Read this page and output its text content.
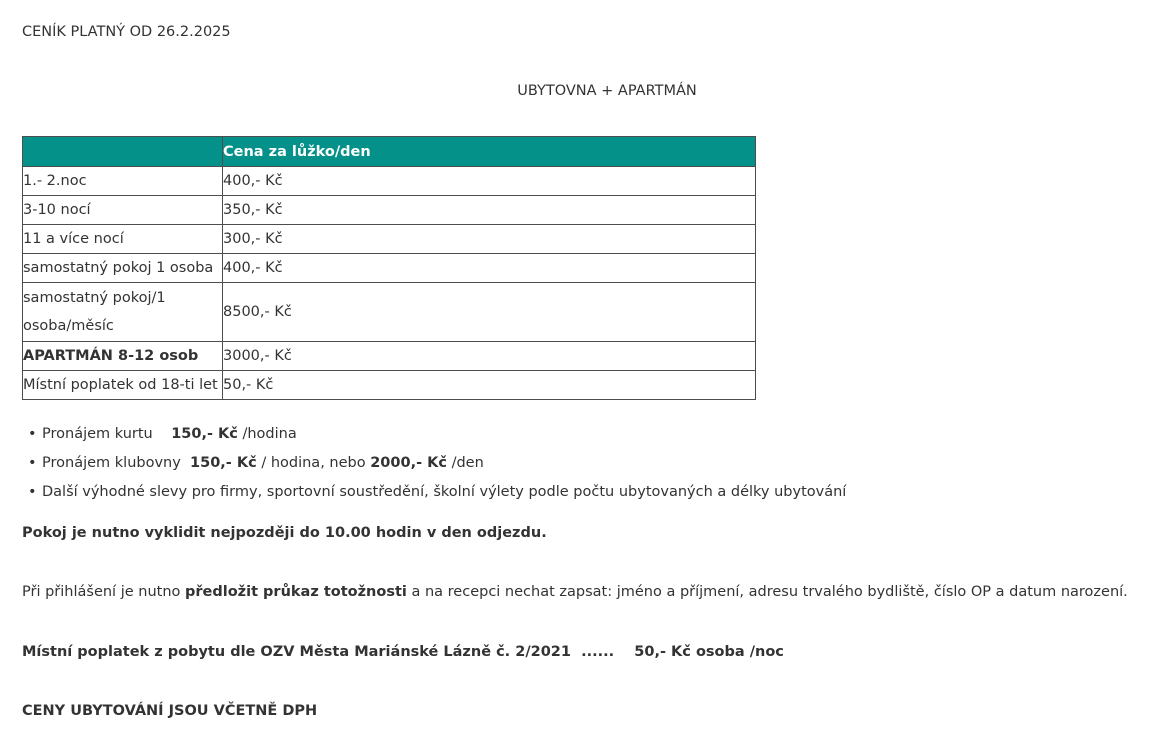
CENÍK PLATNÝ OD 26.2.2025

UBYTOVNA + APARTMÁN

	Cena za lůžko/den
1.- 2.noc	400,- Kč
3-10 nocí	350,- Kč
11 a více nocí	300,- Kč
samostatný pokoj 1 osoba	400,- Kč
samostatný pokoj/1 osoba/měsíc	8500,- Kč
APARTMÁN 8-12 osob	3000,- Kč
Místní poplatek od 18-ti let	50,- Kč
• Pronájem kurtu    150,- Kč /hodina
• Pronájem klubovny  150,- Kč / hodina, nebo 2000,- Kč /den
• Další výhodné slevy pro firmy, sportovní soustředění, školní výlety podle počtu ubytovaných a délky ubytování

Pokoj je nutno vyklidit nejpozději do 10.00 hodin v den odjezdu.

Při přihlášení je nutno předložit průkaz totožnosti a na recepci nechat zapsat: jméno a příjmení, adresu trvalého bydliště, číslo OP a datum narození.

Místní poplatek z pobytu dle OZV Města Mariánské Lázně č. 2/2021  ......    50,- Kč osoba /noc

CENY UBYTOVÁNÍ JSOU VČETNĚ DPH
